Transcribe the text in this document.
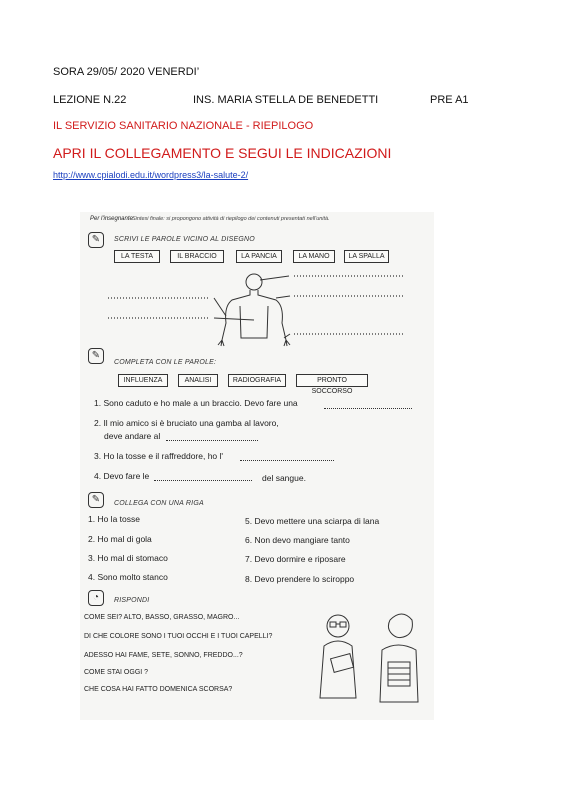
SORA 29/05/ 2020 VENERDI’
LEZIONE N.22	INS. MARIA STELLA DE BENEDETTI	PRE A1
IL SERVIZIO SANITARIO NAZIONALE - RIEPILOGO
APRI IL COLLEGAMENTO E SEGUI LE INDICAZIONI
http://www.cpialodi.edu.it/wordpress3/la-salute-2/
Per l'insegnante Sintesi finale: si propongono attività di riepilogo dei contenuti presentati nell'unità.
✎	SCRIVI LE PAROLE VICINO AL DISEGNO
LA TESTA	IL BRACCIO	LA PANCIA	LA MANO	LA SPALLA
✎
COMPLETA CON LE PAROLE:
INFLUENZA	ANALISI	RADIOGRAFIA	PRONTO SOCCORSO
1. Sono caduto e ho male a un braccio. Devo fare una
2. Il mio amico si è bruciato una gamba al lavoro,
deve andare al
3. Ho la tosse e il raffreddore, ho l'
4. Devo fare le	del sangue.
✎	COLLEGA CON UNA RIGA
1. Ho la tosse
2. Ho mal di gola
3. Ho mal di stomaco
4. Sono molto stanco
5. Devo mettere una sciarpa di lana
6. Non devo mangiare tanto
7. Devo dormire e riposare
8. Devo prendere lo sciroppo
◔	RISPONDI
COME SEI? ALTO, BASSO, GRASSO, MAGRO...
DI CHE COLORE SONO I TUOI OCCHI E I TUOI CAPELLI?
ADESSO HAI FAME, SETE, SONNO, FREDDO...?
COME STAI OGGI ?
CHE COSA HAI FATTO DOMENICA SCORSA?
